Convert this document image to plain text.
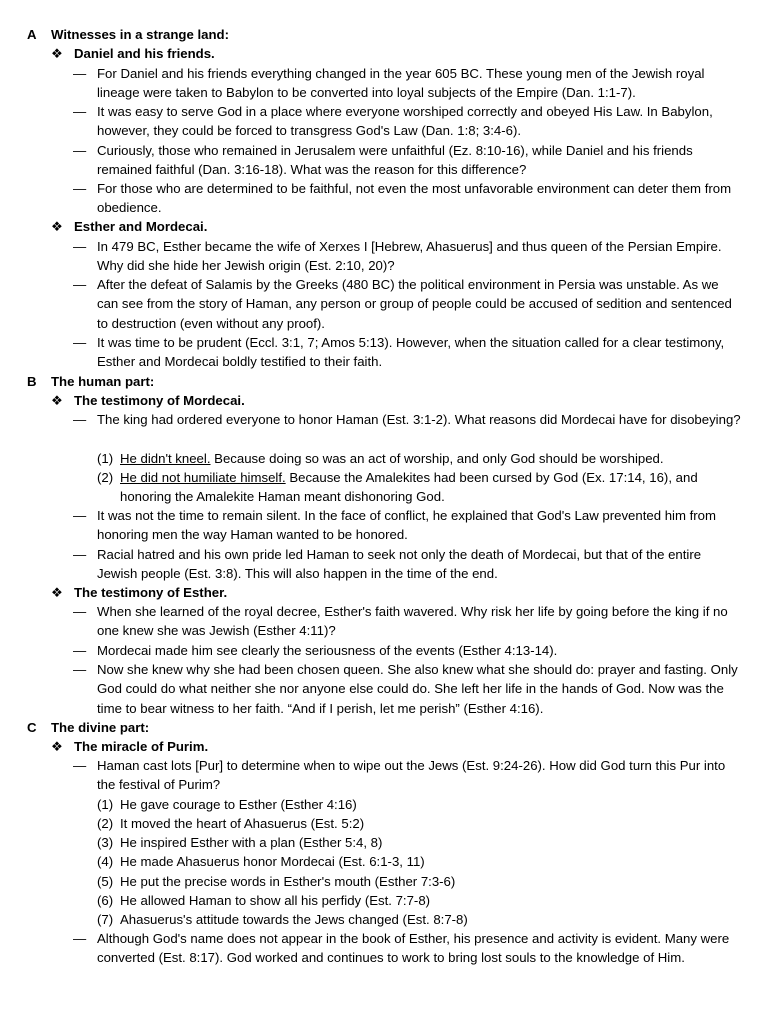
A	Witnesses in a strange land:
❖ Daniel and his friends.
— For Daniel and his friends everything changed in the year 605 BC. These young men of the Jewish royal lineage were taken to Babylon to be converted into loyal subjects of the Empire (Dan. 1:1-7).
— It was easy to serve God in a place where everyone worshiped correctly and obeyed His Law. In Babylon, however, they could be forced to transgress God's Law (Dan. 1:8; 3:4-6).
— Curiously, those who remained in Jerusalem were unfaithful (Ez. 8:10-16), while Daniel and his friends remained faithful (Dan. 3:16-18). What was the reason for this difference?
— For those who are determined to be faithful, not even the most unfavorable environment can deter them from obedience.
❖ Esther and Mordecai.
— In 479 BC, Esther became the wife of Xerxes I [Hebrew, Ahasuerus] and thus queen of the Persian Empire. Why did she hide her Jewish origin (Est. 2:10, 20)?
— After the defeat of Salamis by the Greeks (480 BC) the political environment in Persia was unstable. As we can see from the story of Haman, any person or group of people could be accused of sedition and sentenced to destruction (even without any proof).
— It was time to be prudent (Eccl. 3:1, 7; Amos 5:13). However, when the situation called for a clear testimony, Esther and Mordecai boldly testified to their faith.
B	The human part:
❖ The testimony of Mordecai.
— The king had ordered everyone to honor Haman (Est. 3:1-2). What reasons did Mordecai have for disobeying?
(1) He didn't kneel. Because doing so was an act of worship, and only God should be worshiped.
(2) He did not humiliate himself. Because the Amalekites had been cursed by God (Ex. 17:14, 16), and honoring the Amalekite Haman meant dishonoring God.
— It was not the time to remain silent. In the face of conflict, he explained that God's Law prevented him from honoring men the way Haman wanted to be honored.
— Racial hatred and his own pride led Haman to seek not only the death of Mordecai, but that of the entire Jewish people (Est. 3:8). This will also happen in the time of the end.
❖ The testimony of Esther.
— When she learned of the royal decree, Esther's faith wavered. Why risk her life by going before the king if no one knew she was Jewish (Esther 4:11)?
— Mordecai made him see clearly the seriousness of the events (Esther 4:13-14).
— Now she knew why she had been chosen queen. She also knew what she should do: prayer and fasting. Only God could do what neither she nor anyone else could do. She left her life in the hands of God. Now was the time to bear witness to her faith. “And if I perish, let me perish” (Esther 4:16).
C	The divine part:
❖ The miracle of Purim.
— Haman cast lots [Pur] to determine when to wipe out the Jews (Est. 9:24-26). How did God turn this Pur into the festival of Purim?
(1) He gave courage to Esther (Esther 4:16)
(2) It moved the heart of Ahasuerus (Est. 5:2)
(3) He inspired Esther with a plan (Esther 5:4, 8)
(4) He made Ahasuerus honor Mordecai (Est. 6:1-3, 11)
(5) He put the precise words in Esther's mouth (Esther 7:3-6)
(6) He allowed Haman to show all his perfidy (Est. 7:7-8)
(7) Ahasuerus's attitude towards the Jews changed (Est. 8:7-8)
— Although God's name does not appear in the book of Esther, his presence and activity is evident. Many were converted (Est. 8:17). God worked and continues to work to bring lost souls to the knowledge of Him.
